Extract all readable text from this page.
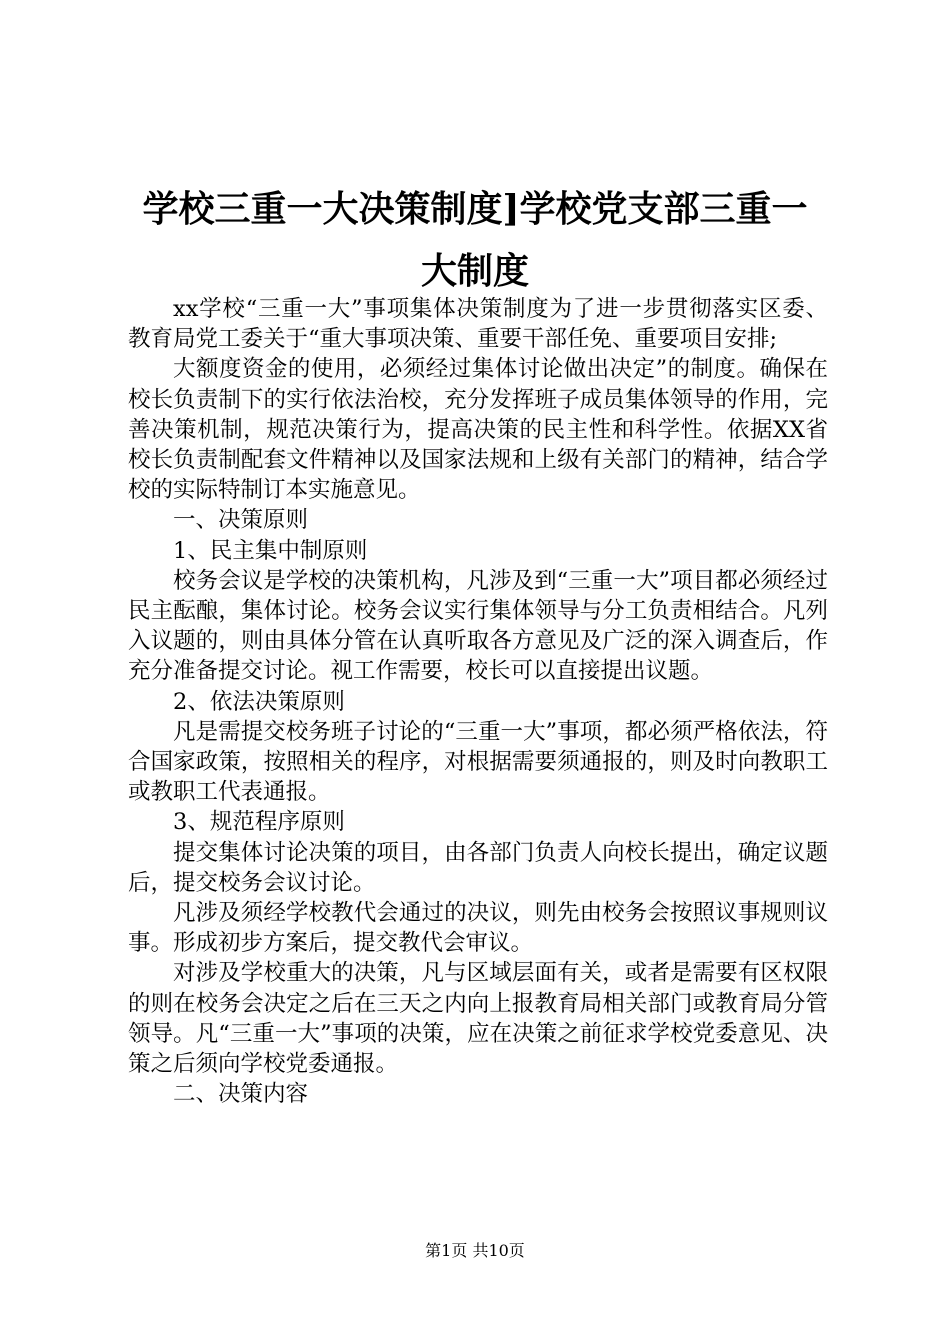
学校三重一大决策制度]学校党支部三重一大制度

xx学校“三重一大”事项集体决策制度为了进一步贯彻落实区委、教育局党工委关于“重大事项决策、重要干部任免、重要项目安排;

大额度资金的使用，必须经过集体讨论做出决定”的制度。确保在校长负责制下的实行依法治校，充分发挥班子成员集体领导的作用，完善决策机制，规范决策行为，提高决策的民主性和科学性。依据XX省校长负责制配套文件精神以及国家法规和上级有关部门的精神，结合学校的实际特制订本实施意见。

一、决策原则

1、民主集中制原则

校务会议是学校的决策机构，凡涉及到“三重一大”项目都必须经过民主酝酿，集体讨论。校务会议实行集体领导与分工负责相结合。凡列入议题的，则由具体分管在认真听取各方意见及广泛的深入调查后，作充分准备提交讨论。视工作需要，校长可以直接提出议题。

2、依法决策原则

凡是需提交校务班子讨论的“三重一大”事项，都必须严格依法，符合国家政策，按照相关的程序，对根据需要须通报的，则及时向教职工或教职工代表通报。

3、规范程序原则

提交集体讨论决策的项目，由各部门负责人向校长提出，确定议题后，提交校务会议讨论。

凡涉及须经学校教代会通过的决议，则先由校务会按照议事规则议事。形成初步方案后，提交教代会审议。

对涉及学校重大的决策，凡与区域层面有关，或者是需要有区权限的则在校务会决定之后在三天之内向上报教育局相关部门或教育局分管领导。凡“三重一大”事项的决策，应在决策之前征求学校党委意见、决策之后须向学校党委通报。

二、决策内容

第1页 共10页
